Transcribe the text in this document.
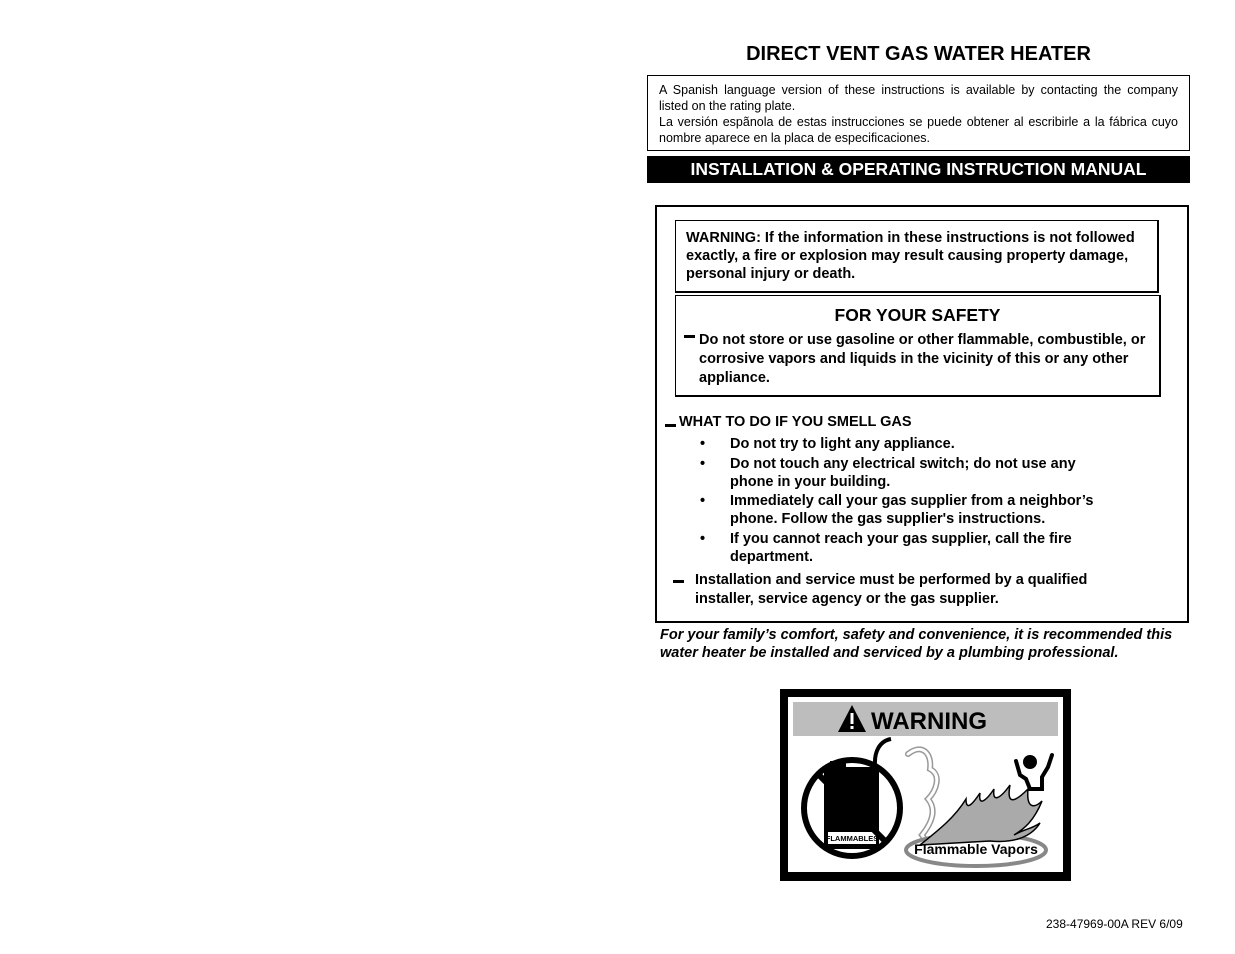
DIRECT VENT GAS WATER HEATER

A Spanish language version of these instructions is available by contacting the company listed on the rating plate.

La versión espãnola de estas instrucciones se puede obtener al escribirle a la fábrica cuyo nombre aparece en la placa de especificaciones.

INSTALLATION & OPERATING INSTRUCTION MANUAL
WARNING: If the information in these instructions is not followed exactly, a fire or explosion may result causing property damage, personal injury or death.
FOR YOUR SAFETY
Do not store or use gasoline or other flammable, combustible, or corrosive vapors and liquids in the vicinity of this or any other appliance.
WHAT TO DO IF YOU SMELL GAS
• Do not try to light any appliance.
• Do not touch any electrical switch; do not use any phone in your building.
• Immediately call your gas supplier from a neighbor’s phone. Follow the gas supplier's instructions.
• If you cannot reach your gas supplier, call the fire department.
Installation and service must be performed by a qualified installer, service agency or the gas supplier.
For your family’s comfort, safety and convenience, it is recommended this water heater be installed and serviced by a plumbing professional.
WARNING
FLAMMABLES
Flammable Vapors
238-47969-00A REV 6/09
